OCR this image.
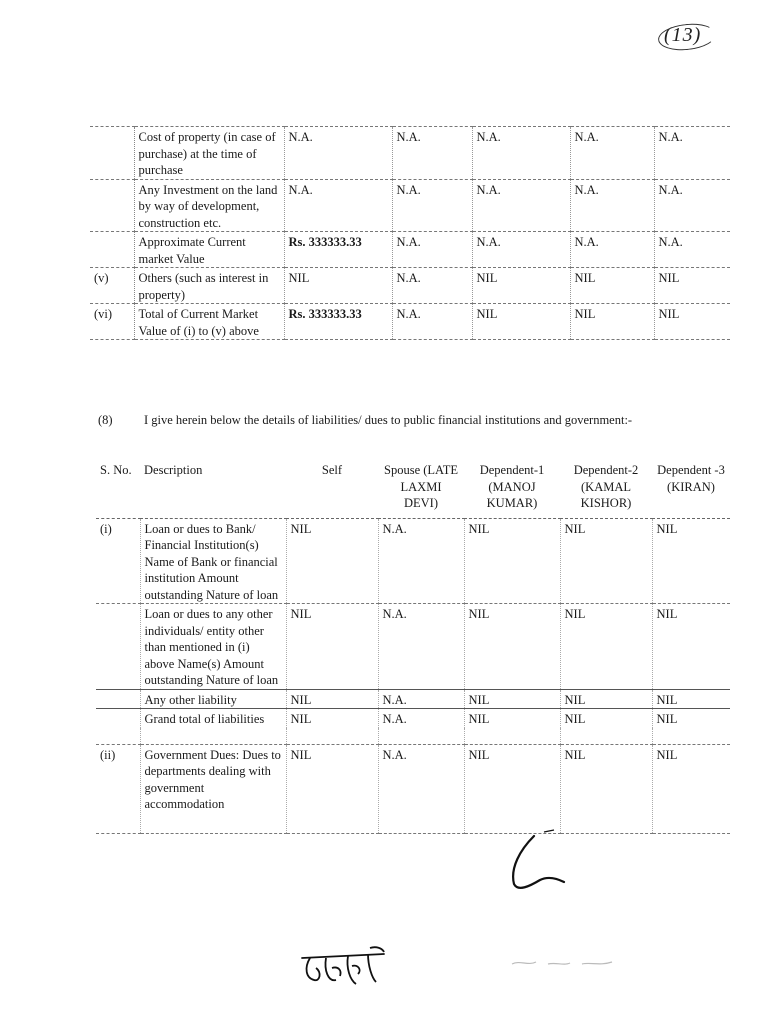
(13)
	Cost of property (in case of purchase) at the time of purchase	N.A.	N.A.	N.A.	N.A.	N.A.
	Any Investment on the land by way of development, construction etc.	N.A.	N.A.	N.A.	N.A.	N.A.
	Approximate Current market Value	Rs. 333333.33	N.A.	N.A.	N.A.	N.A.
(v)	Others (such as interest in property)	NIL	N.A.	NIL	NIL	NIL
(vi)	Total of Current Market Value of (i) to (v) above	Rs. 333333.33	N.A.	NIL	NIL	NIL
(8)	I give herein below the details of liabilities/ dues to public financial institutions and government:-
S. No.	Description	Self	Spouse (LATE LAXMI DEVI)	Dependent-1 (MANOJ KUMAR)	Dependent-2 (KAMAL KISHOR)	Dependent -3 (KIRAN)
(i)	Loan or dues to Bank/ Financial Institution(s) Name of Bank or financial institution Amount outstanding Nature of loan	NIL	N.A.	NIL	NIL	NIL
	Loan or dues to any other individuals/ entity other than mentioned in (i) above Name(s) Amount outstanding Nature of loan	NIL	N.A.	NIL	NIL	NIL
	Any other liability	NIL	N.A.	NIL	NIL	NIL
	Grand total of liabilities	NIL	N.A.	NIL	NIL	NIL

(ii)	Government Dues: Dues to departments dealing with government accommodation	NIL	N.A.	NIL	NIL	NIL
